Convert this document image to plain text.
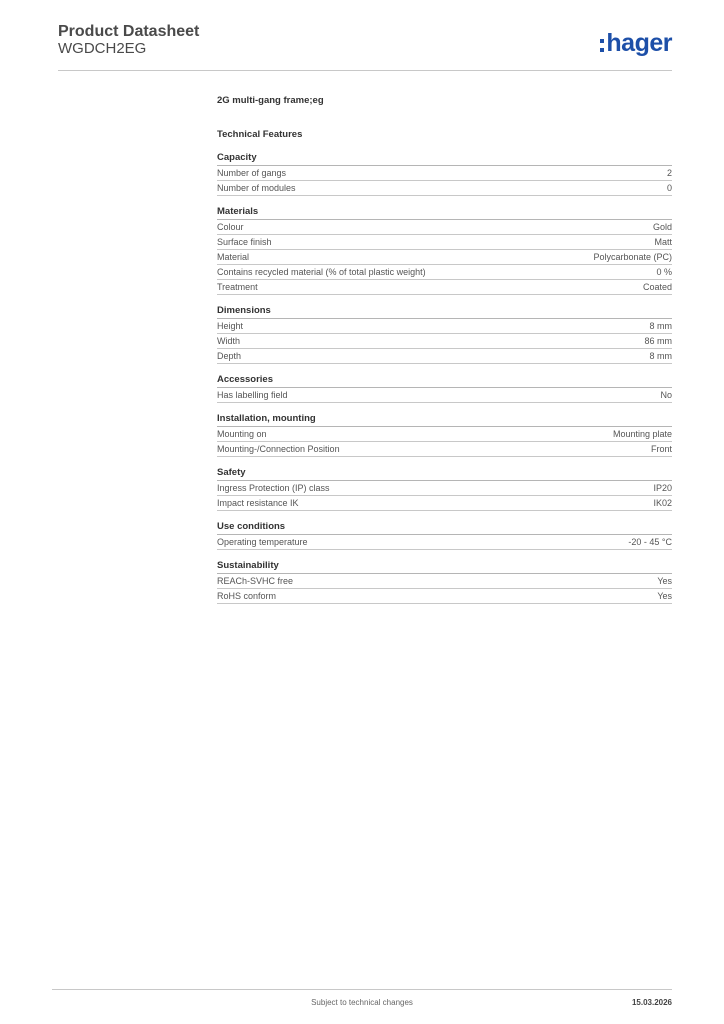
Product Datasheet
WGDCH2EG	hager
2G multi-gang frame;eg
Technical Features
Capacity
Number of gangs	2
Number of modules	0
Materials
Colour	Gold
Surface finish	Matt
Material	Polycarbonate (PC)
Contains recycled material (% of total plastic weight)	0 %
Treatment	Coated
Dimensions
Height	8 mm
Width	86 mm
Depth	8 mm
Accessories
Has labelling field	No
Installation, mounting
Mounting on	Mounting plate
Mounting-/Connection Position	Front
Safety
Ingress Protection (IP) class	IP20
Impact resistance IK	IK02
Use conditions
Operating temperature	-20 - 45 °C
Sustainability
REACh-SVHC free	Yes
RoHS conform	Yes
Subject to technical changes	15.03.2026
